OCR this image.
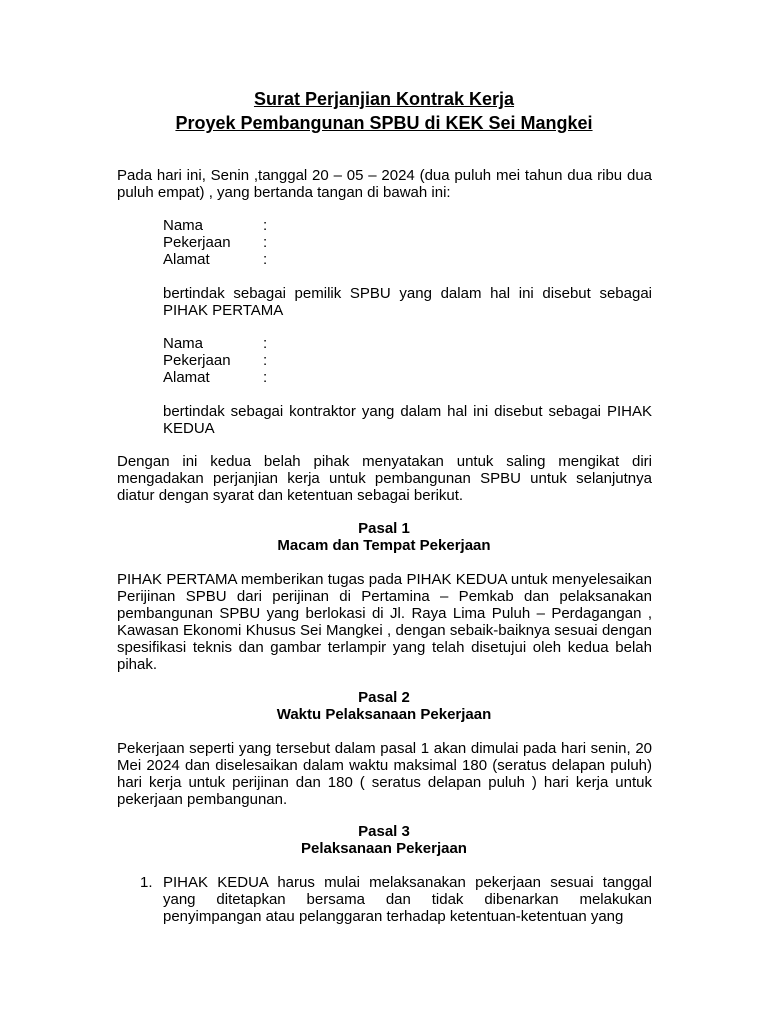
Surat Perjanjian Kontrak Kerja
Proyek Pembangunan SPBU di KEK Sei Mangkei
Pada hari ini, Senin ,tanggal 20 – 05 – 2024 (dua puluh mei tahun dua ribu dua puluh empat) , yang bertanda tangan di bawah ini:
Nama	:
Pekerjaan :
Alamat	:
bertindak sebagai pemilik SPBU yang dalam hal ini disebut sebagai PIHAK PERTAMA
Nama	:
Pekerjaan :
Alamat	:
bertindak sebagai kontraktor yang dalam hal ini disebut sebagai PIHAK KEDUA
Dengan ini kedua belah pihak menyatakan untuk saling mengikat diri mengadakan perjanjian kerja untuk pembangunan SPBU untuk selanjutnya diatur dengan syarat dan ketentuan sebagai berikut.
Pasal 1
Macam dan Tempat Pekerjaan
PIHAK PERTAMA memberikan tugas pada PIHAK KEDUA untuk menyelesaikan Perijinan SPBU dari perijinan di Pertamina – Pemkab dan pelaksanakan pembangunan SPBU yang berlokasi di Jl. Raya Lima Puluh – Perdagangan , Kawasan Ekonomi Khusus Sei Mangkei , dengan sebaik-baiknya sesuai dengan spesifikasi teknis dan gambar terlampir yang telah disetujui oleh kedua belah pihak.
Pasal 2
Waktu Pelaksanaan Pekerjaan
Pekerjaan seperti yang tersebut dalam pasal 1 akan dimulai pada hari senin, 20 Mei 2024 dan diselesaikan dalam waktu maksimal 180 (seratus delapan puluh) hari kerja untuk perijinan dan 180 ( seratus delapan puluh ) hari kerja untuk pekerjaan pembangunan.
Pasal 3
Pelaksanaan Pekerjaan
1. PIHAK KEDUA harus mulai melaksanakan pekerjaan sesuai tanggal yang ditetapkan bersama dan tidak dibenarkan melakukan penyimpangan atau pelanggaran terhadap ketentuan-ketentuan yang
